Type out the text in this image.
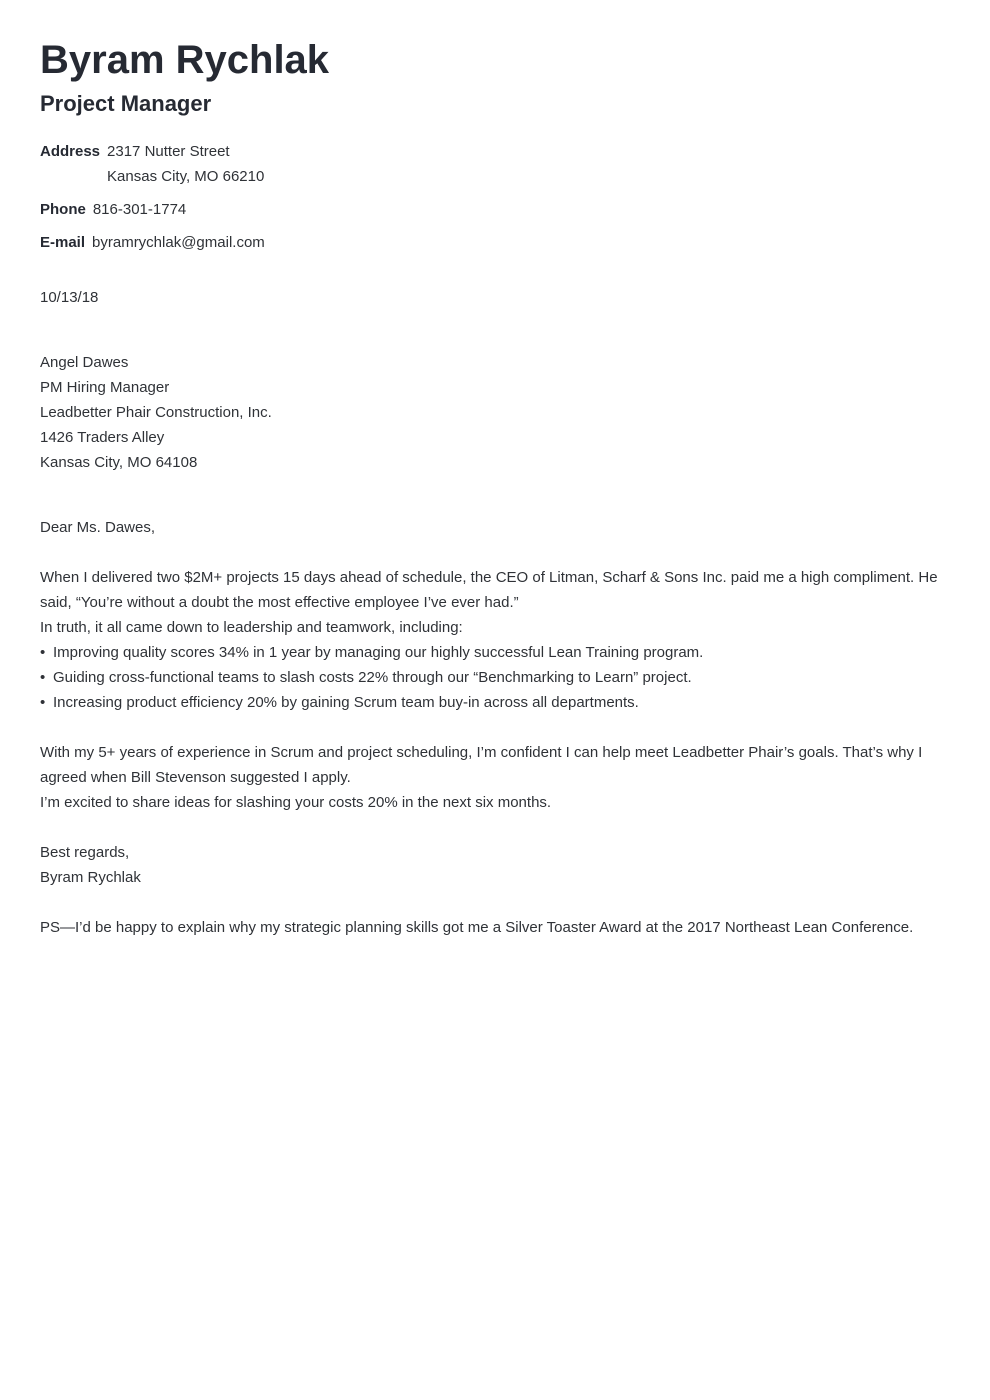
Byram Rychlak
Project Manager
Address 2317 Nutter Street
Kansas City, MO 66210
Phone 816-301-1774
E-mail byramrychlak@gmail.com
10/13/18
Angel Dawes
PM Hiring Manager
Leadbetter Phair Construction, Inc.
1426 Traders Alley
Kansas City, MO 64108
Dear Ms. Dawes,
When I delivered two $2M+ projects 15 days ahead of schedule, the CEO of Litman, Scharf & Sons Inc. paid me a high compliment. He said, “You’re without a doubt the most effective employee I’ve ever had.”
In truth, it all came down to leadership and teamwork, including:
• Improving quality scores 34% in 1 year by managing our highly successful Lean Training program.
• Guiding cross-functional teams to slash costs 22% through our “Benchmarking to Learn” project.
• Increasing product efficiency 20% by gaining Scrum team buy-in across all departments.
With my 5+ years of experience in Scrum and project scheduling, I’m confident I can help meet Leadbetter Phair’s goals. That’s why I agreed when Bill Stevenson suggested I apply.
I’m excited to share ideas for slashing your costs 20% in the next six months.
Best regards,
Byram Rychlak
PS—I’d be happy to explain why my strategic planning skills got me a Silver Toaster Award at the 2017 Northeast Lean Conference.
